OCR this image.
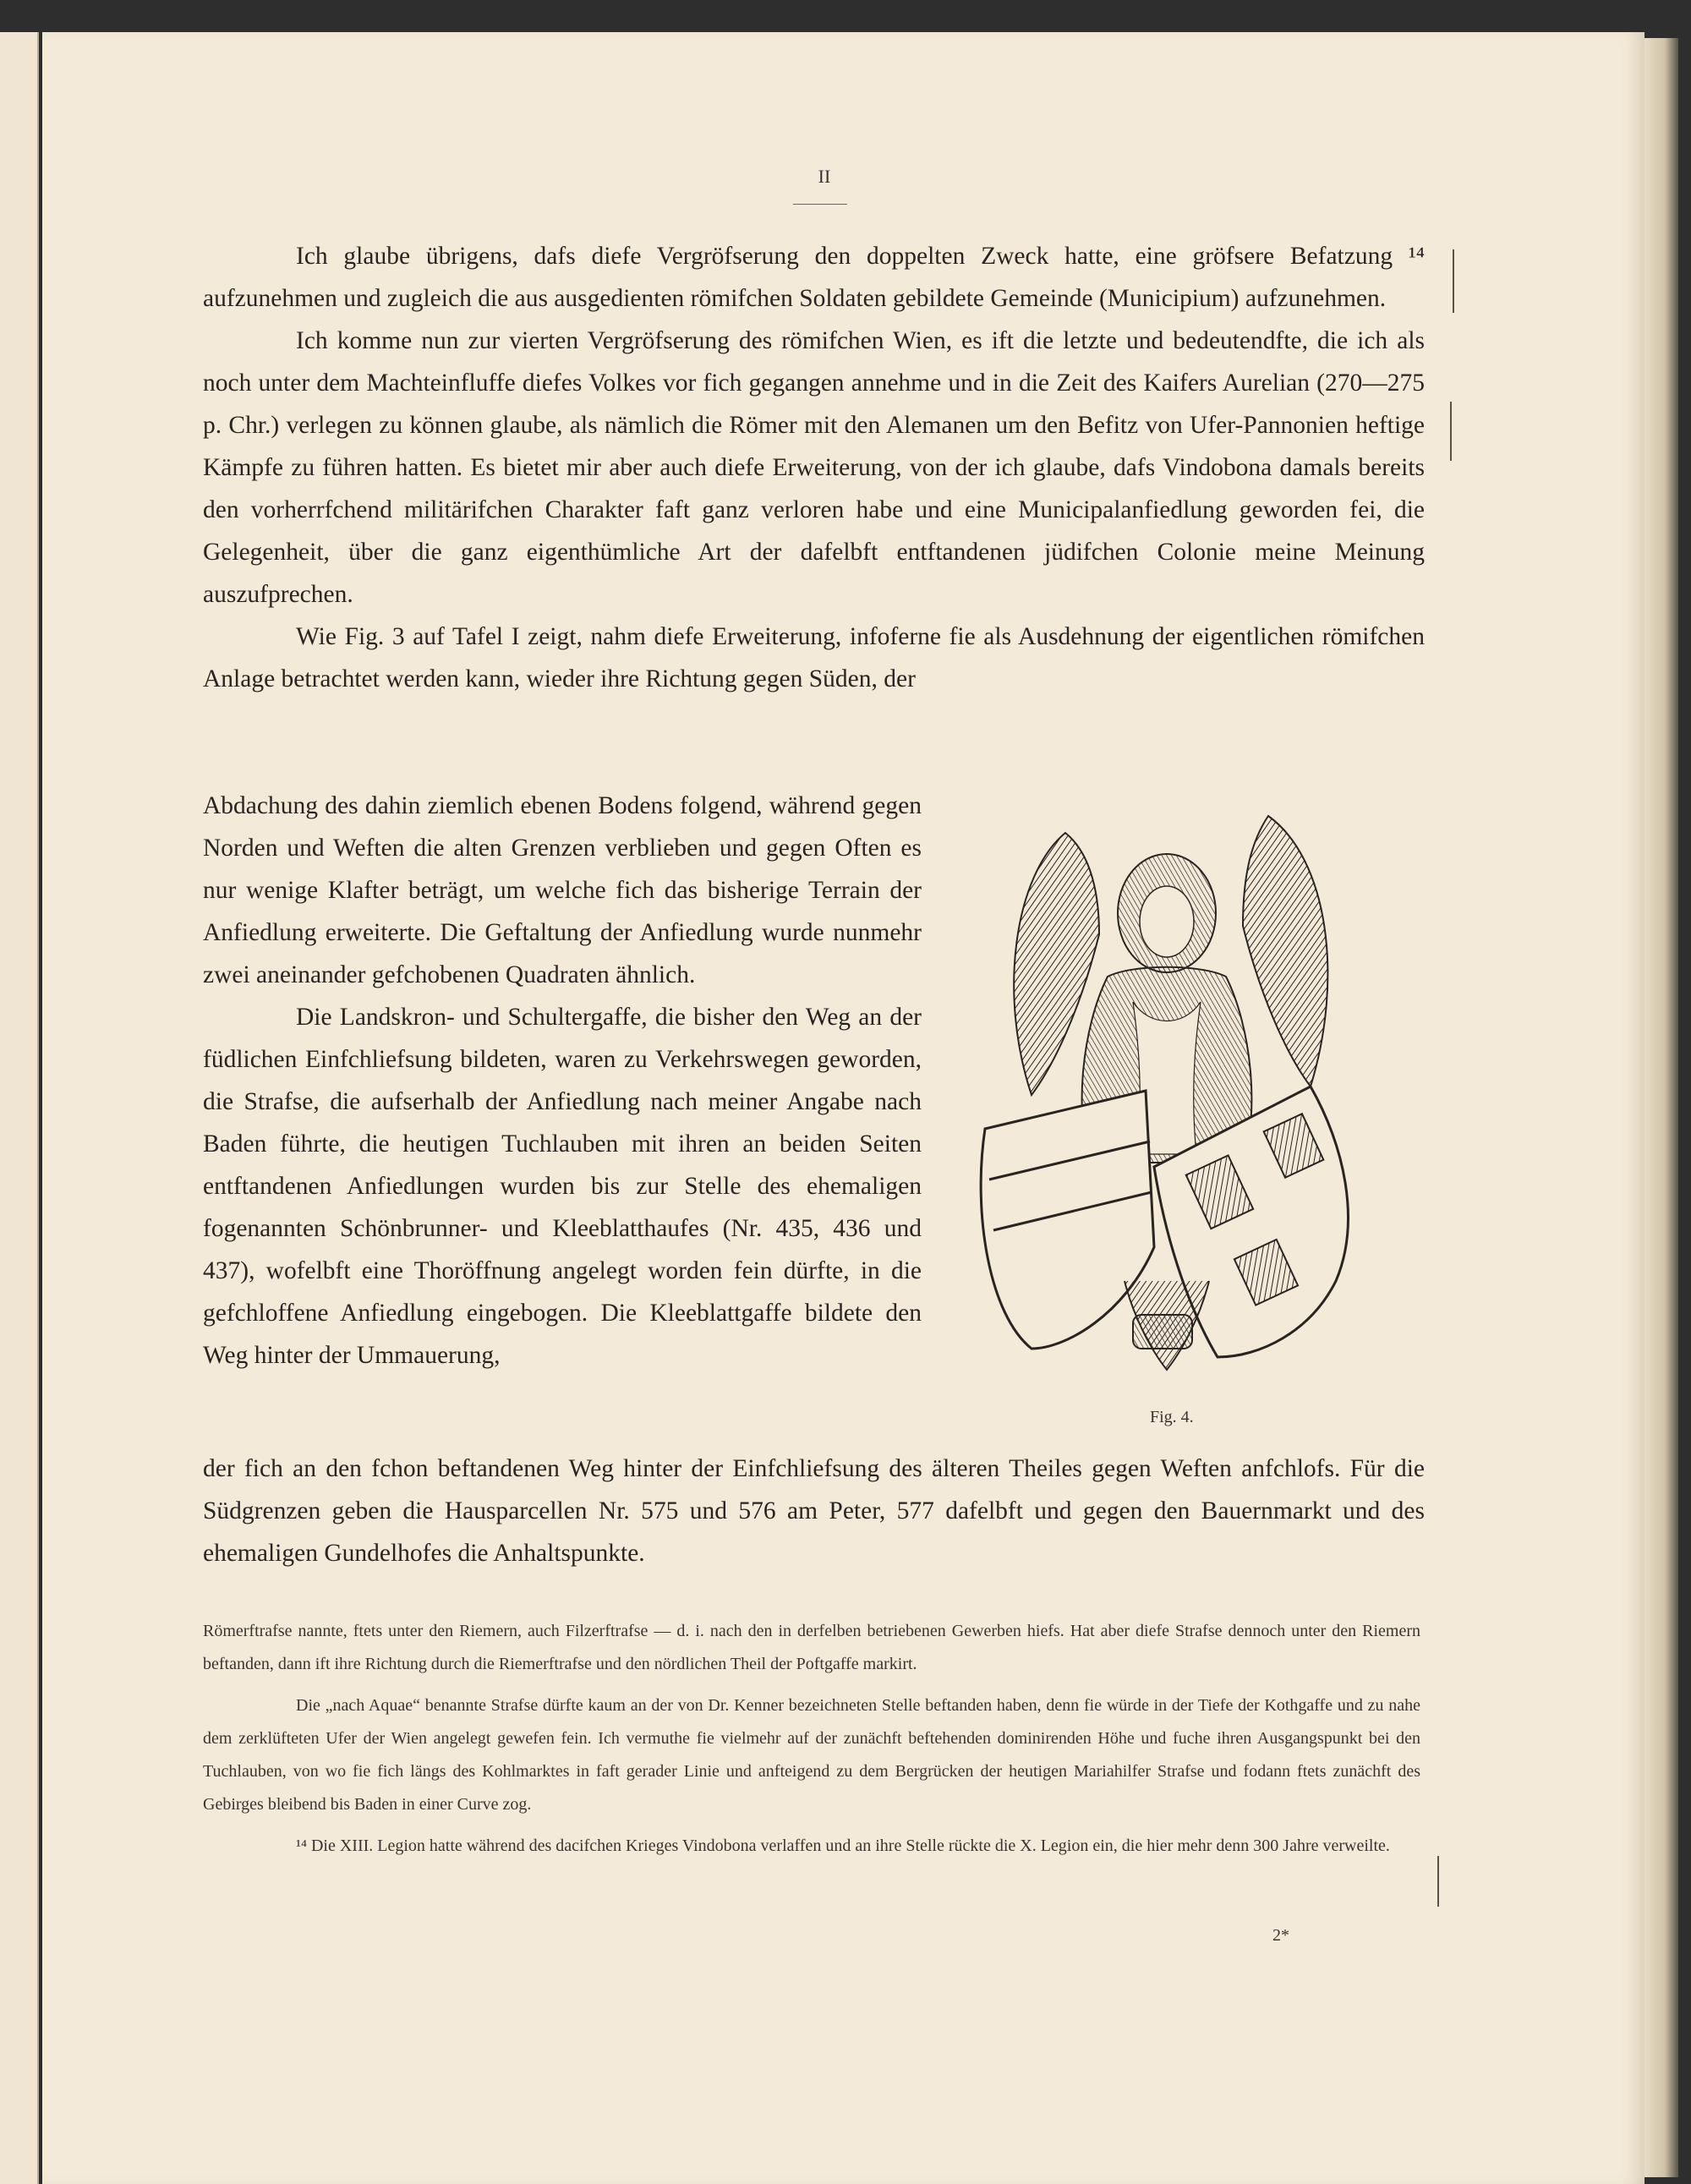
II

Ich glaube übrigens, dafs diefe Vergröfserung den doppelten Zweck hatte, eine gröfsere Befatzung ¹⁴ aufzunehmen und zugleich die aus ausgedienten römifchen Soldaten gebildete Gemeinde (Municipium) aufzunehmen.

Ich komme nun zur vierten Vergröfserung des römifchen Wien, es ift die letzte und bedeutendfte, die ich als noch unter dem Machteinfluffe diefes Volkes vor fich gegangen annehme und in die Zeit des Kaifers Aurelian (270—275 p. Chr.) verlegen zu können glaube, als nämlich die Römer mit den Alemanen um den Befitz von Ufer-Pannonien heftige Kämpfe zu führen hatten. Es bietet mir aber auch diefe Erweiterung, von der ich glaube, dafs Vindobona damals bereits den vorherrfchend militärifchen Charakter faft ganz verloren habe und eine Municipalanfiedlung geworden fei, die Gelegenheit, über die ganz eigenthümliche Art der dafelbft entftandenen jüdifchen Colonie meine Meinung auszufprechen.

Wie Fig. 3 auf Tafel I zeigt, nahm diefe Erweiterung, infoferne fie als Ausdehnung der eigentlichen römifchen Anlage betrachtet werden kann, wieder ihre Richtung gegen Süden, der

Abdachung des dahin ziemlich ebenen Bodens folgend, während gegen Norden und Weften die alten Grenzen verblieben und gegen Often es nur wenige Klafter beträgt, um welche fich das bisherige Terrain der Anfiedlung erweiterte. Die Geftaltung der Anfiedlung wurde nunmehr zwei aneinander gefchobenen Quadraten ähnlich.

Die Landskron- und Schultergaffe, die bisher den Weg an der füdlichen Einfchliefsung bildeten, waren zu Verkehrswegen geworden, die Strafse, die aufserhalb der Anfiedlung nach meiner Angabe nach Baden führte, die heutigen Tuchlauben mit ihren an beiden Seiten entftandenen Anfiedlungen wurden bis zur Stelle des ehemaligen fogenannten Schönbrunner- und Kleeblatthaufes (Nr. 435, 436 und 437), wofelbft eine Thoröffnung angelegt worden fein dürfte, in die gefchloffene Anfiedlung eingebogen. Die Kleeblattgaffe bildete den Weg hinter der Ummauerung,

der fich an den fchon beftandenen Weg hinter der Einfchliefsung des älteren Theiles gegen Weften anfchlofs. Für die Südgrenzen geben die Hausparcellen Nr. 575 und 576 am Peter, 577 dafelbft und gegen den Bauernmarkt und des ehemaligen Gundelhofes die Anhaltspunkte.

Fig. 4.

Römerftrafse nannte, ftets unter den Riemern, auch Filzerftrafse — d. i. nach den in derfelben betriebenen Gewerben hiefs. Hat aber diefe Strafse dennoch unter den Riemern beftanden, dann ift ihre Richtung durch die Riemerftrafse und den nördlichen Theil der Poftgaffe markirt.

Die „nach Aquae“ benannte Strafse dürfte kaum an der von Dr. Kenner bezeichneten Stelle beftanden haben, denn fie würde in der Tiefe der Kothgaffe und zu nahe dem zerklüfteten Ufer der Wien angelegt gewefen fein. Ich vermuthe fie vielmehr auf der zunächft beftehenden dominirenden Höhe und fuche ihren Ausgangspunkt bei den Tuchlauben, von wo fie fich längs des Kohlmarktes in faft gerader Linie und anfteigend zu dem Bergrücken der heutigen Mariahilfer Strafse und fodann ftets zunächft des Gebirges bleibend bis Baden in einer Curve zog.

¹⁴ Die XIII. Legion hatte während des dacifchen Krieges Vindobona verlaffen und an ihre Stelle rückte die X. Legion ein, die hier mehr denn 300 Jahre verweilte.

2*
